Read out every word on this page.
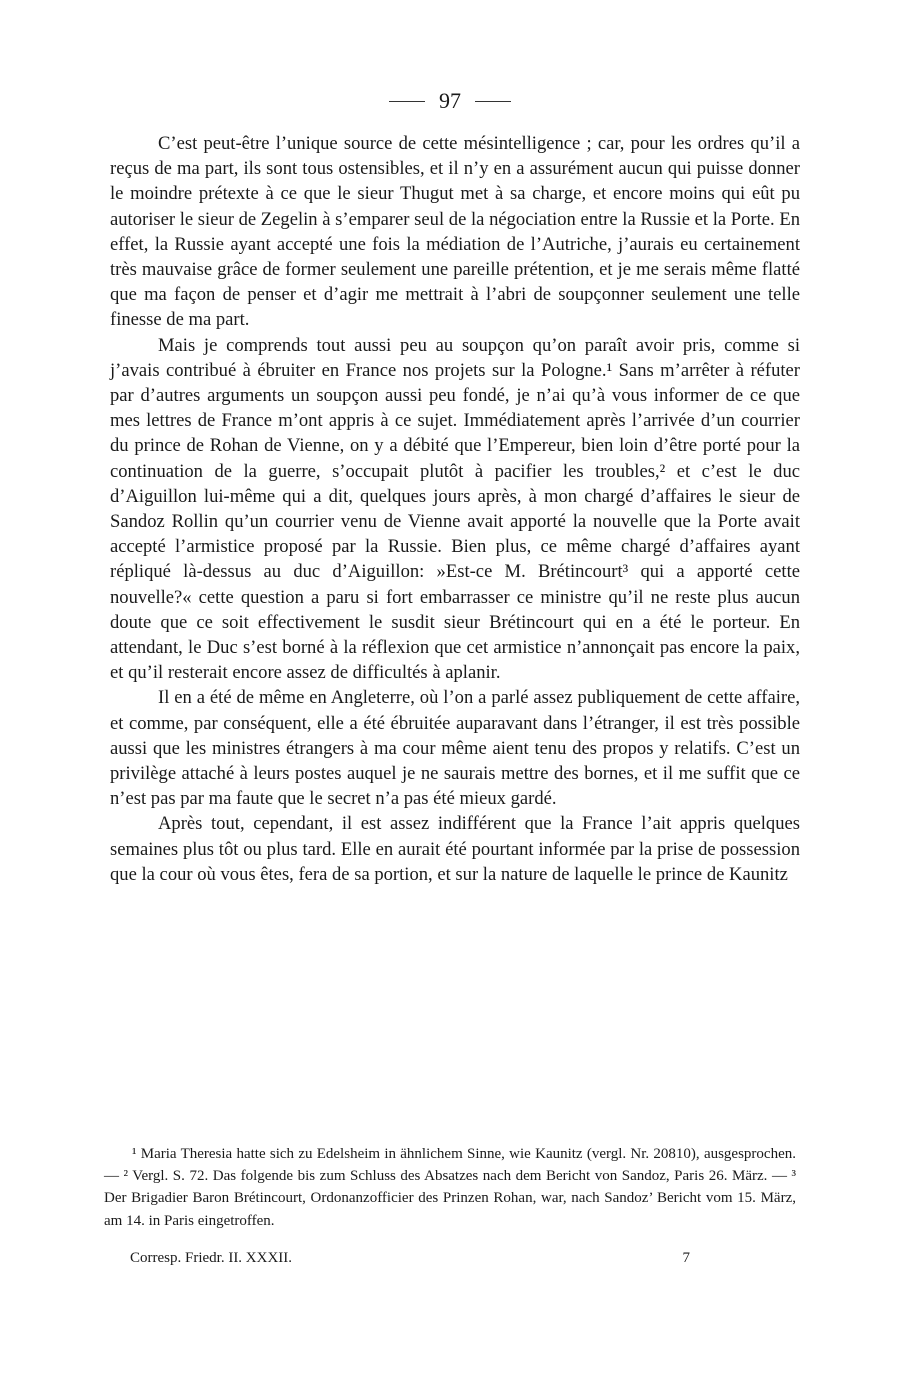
97

C’est peut-être l’unique source de cette mésintelligence ; car, pour les ordres qu’il a reçus de ma part, ils sont tous ostensibles, et il n’y en a assurément aucun qui puisse donner le moindre prétexte à ce que le sieur Thugut met à sa charge, et encore moins qui eût pu autoriser le sieur de Zegelin à s’emparer seul de la négociation entre la Russie et la Porte. En effet, la Russie ayant accepté une fois la médiation de l’Autriche, j’aurais eu certainement très mauvaise grâce de former seulement une pareille prétention, et je me serais même flatté que ma façon de penser et d’agir me mettrait à l’abri de soupçonner seulement une telle finesse de ma part.

Mais je comprends tout aussi peu au soupçon qu’on paraît avoir pris, comme si j’avais contribué à ébruiter en France nos projets sur la Pologne.¹ Sans m’arrêter à réfuter par d’autres arguments un soupçon aussi peu fondé, je n’ai qu’à vous informer de ce que mes lettres de France m’ont appris à ce sujet. Immédiatement après l’arrivée d’un courrier du prince de Rohan de Vienne, on y a débité que l’Empereur, bien loin d’être porté pour la continuation de la guerre, s’occupait plutôt à pacifier les troubles,² et c’est le duc d’Aiguillon lui-même qui a dit, quelques jours après, à mon chargé d’affaires le sieur de Sandoz Rollin qu’un courrier venu de Vienne avait apporté la nouvelle que la Porte avait accepté l’armistice proposé par la Russie. Bien plus, ce même chargé d’affaires ayant répliqué là-dessus au duc d’Aiguillon: »Est-ce M. Brétincourt³ qui a apporté cette nouvelle?« cette question a paru si fort embarrasser ce ministre qu’il ne reste plus aucun doute que ce soit effectivement le susdit sieur Brétincourt qui en a été le porteur. En attendant, le Duc s’est borné à la réflexion que cet armistice n’annonçait pas encore la paix, et qu’il resterait encore assez de difficultés à aplanir.

Il en a été de même en Angleterre, où l’on a parlé assez publiquement de cette affaire, et comme, par conséquent, elle a été ébruitée auparavant dans l’étranger, il est très possible aussi que les ministres étrangers à ma cour même aient tenu des propos y relatifs. C’est un privilège attaché à leurs postes auquel je ne saurais mettre des bornes, et il me suffit que ce n’est pas par ma faute que le secret n’a pas été mieux gardé.

Après tout, cependant, il est assez indifférent que la France l’ait appris quelques semaines plus tôt ou plus tard. Elle en aurait été pourtant informée par la prise de possession que la cour où vous êtes, fera de sa portion, et sur la nature de laquelle le prince de Kaunitz

¹ Maria Theresia hatte sich zu Edelsheim in ähnlichem Sinne, wie Kaunitz (vergl. Nr. 20810), ausgesprochen. — ² Vergl. S. 72. Das folgende bis zum Schluss des Absatzes nach dem Bericht von Sandoz, Paris 26. März. — ³ Der Brigadier Baron Brétincourt, Ordonanzofficier des Prinzen Rohan, war, nach Sandoz’ Bericht vom 15. März, am 14. in Paris eingetroffen.

Corresp. Friedr. II. XXXII.	7
